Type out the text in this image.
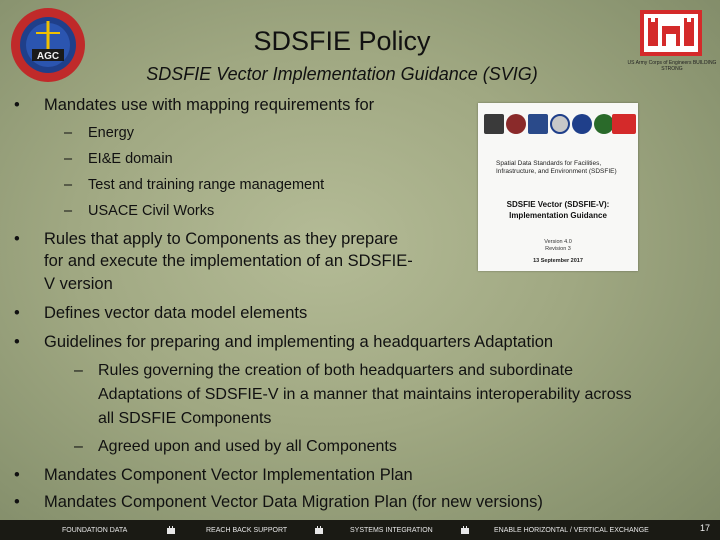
AGC
SDSFIE Policy
SDSFIE Vector Implementation Guidance (SVIG)
US Army Corps of Engineers BUILDING STRONG
Spatial Data Standards for Facilities, Infrastructure, and Environment (SDSFIE)
SDSFIE Vector (SDSFIE-V): Implementation Guidance
Version 4.0
Revision 3
13 September 2017
• Mandates use with mapping requirements for
– Energy
– EI&E domain
– Test and training range management
– USACE Civil Works
• Rules that apply to Components as they prepare
for and execute the implementation of an SDSFIE-
V version
• Defines vector data model elements
• Guidelines for preparing and implementing a headquarters Adaptation
– Rules governing the creation of both headquarters and subordinate
Adaptations of SDSFIE-V in a manner that maintains interoperability across
all SDSFIE Components
– Agreed upon and used by all Components
• Mandates Component Vector Implementation Plan
• Mandates Component Vector Data Migration Plan (for new versions)
FOUNDATION DATA	REACH BACK SUPPORT	SYSTEMS INTEGRATION	ENABLE HORIZONTAL / VERTICAL EXCHANGE	17
